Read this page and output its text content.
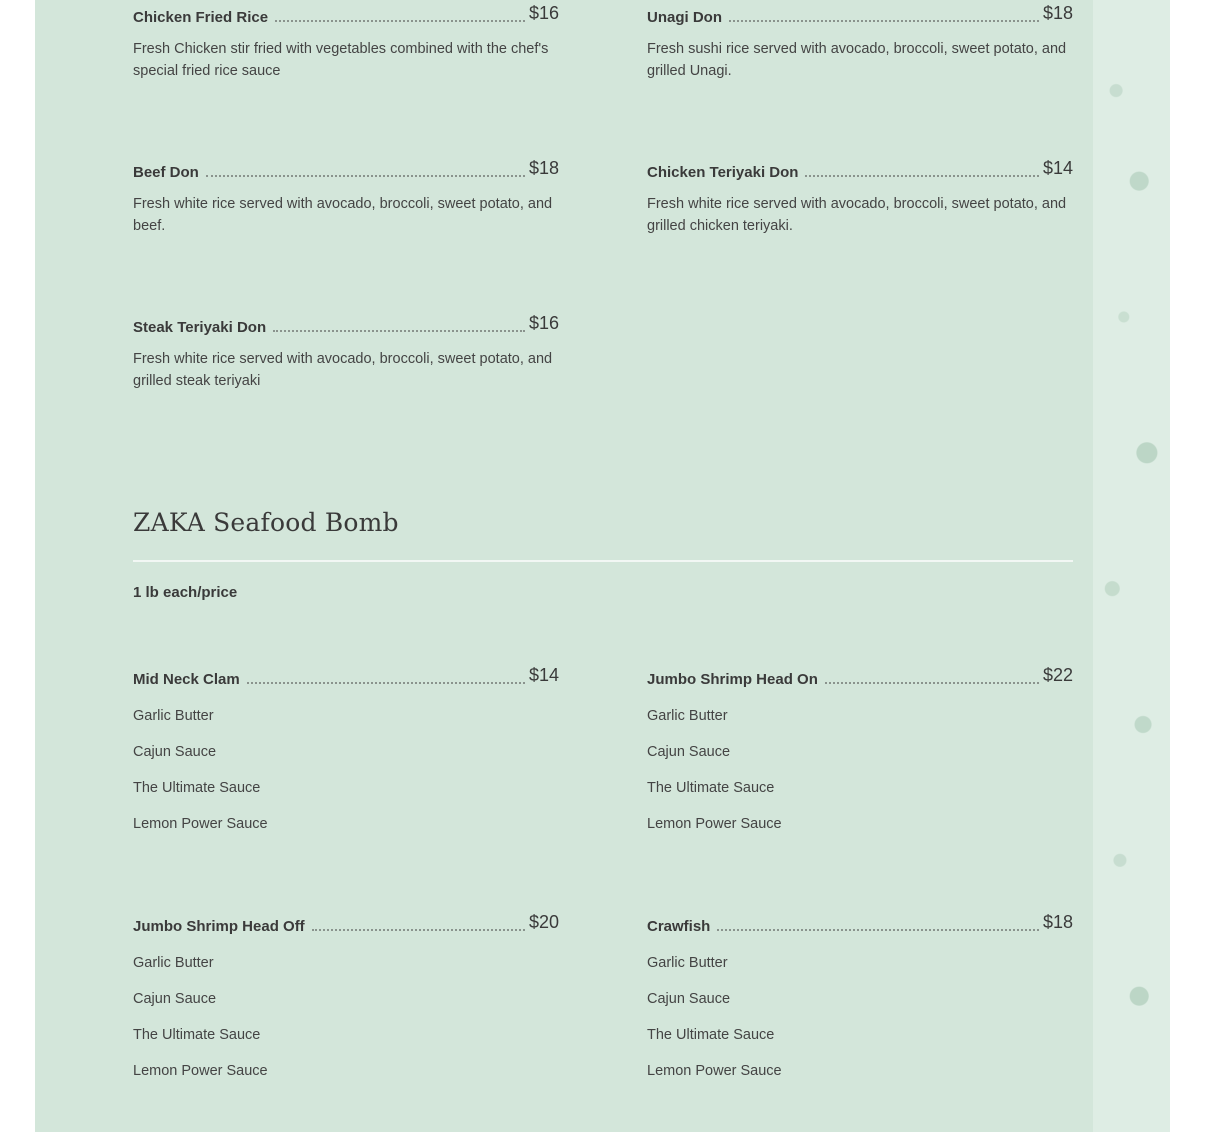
Chicken Fried Rice	$16
Fresh Chicken stir fried with vegetables combined with the chef's special fried rice sauce
Unagi Don	$18
Fresh sushi rice served with avocado, broccoli, sweet potato, and grilled Unagi.
Beef Don	$18
Fresh white rice served with avocado, broccoli, sweet potato, and beef.
Chicken Teriyaki Don	$14
Fresh white rice served with avocado, broccoli, sweet potato, and grilled chicken teriyaki.
Steak Teriyaki Don	$16
Fresh white rice served with avocado, broccoli, sweet potato, and grilled steak teriyaki
ZAKA Seafood Bomb
1 lb each/price
Mid Neck Clam	$14
Garlic Butter
Cajun Sauce
The Ultimate Sauce
Lemon Power Sauce
Jumbo Shrimp Head On	$22
Garlic Butter
Cajun Sauce
The Ultimate Sauce
Lemon Power Sauce
Jumbo Shrimp Head Off	$20
Garlic Butter
Cajun Sauce
The Ultimate Sauce
Lemon Power Sauce
Crawfish	$18
Garlic Butter
Cajun Sauce
The Ultimate Sauce
Lemon Power Sauce
